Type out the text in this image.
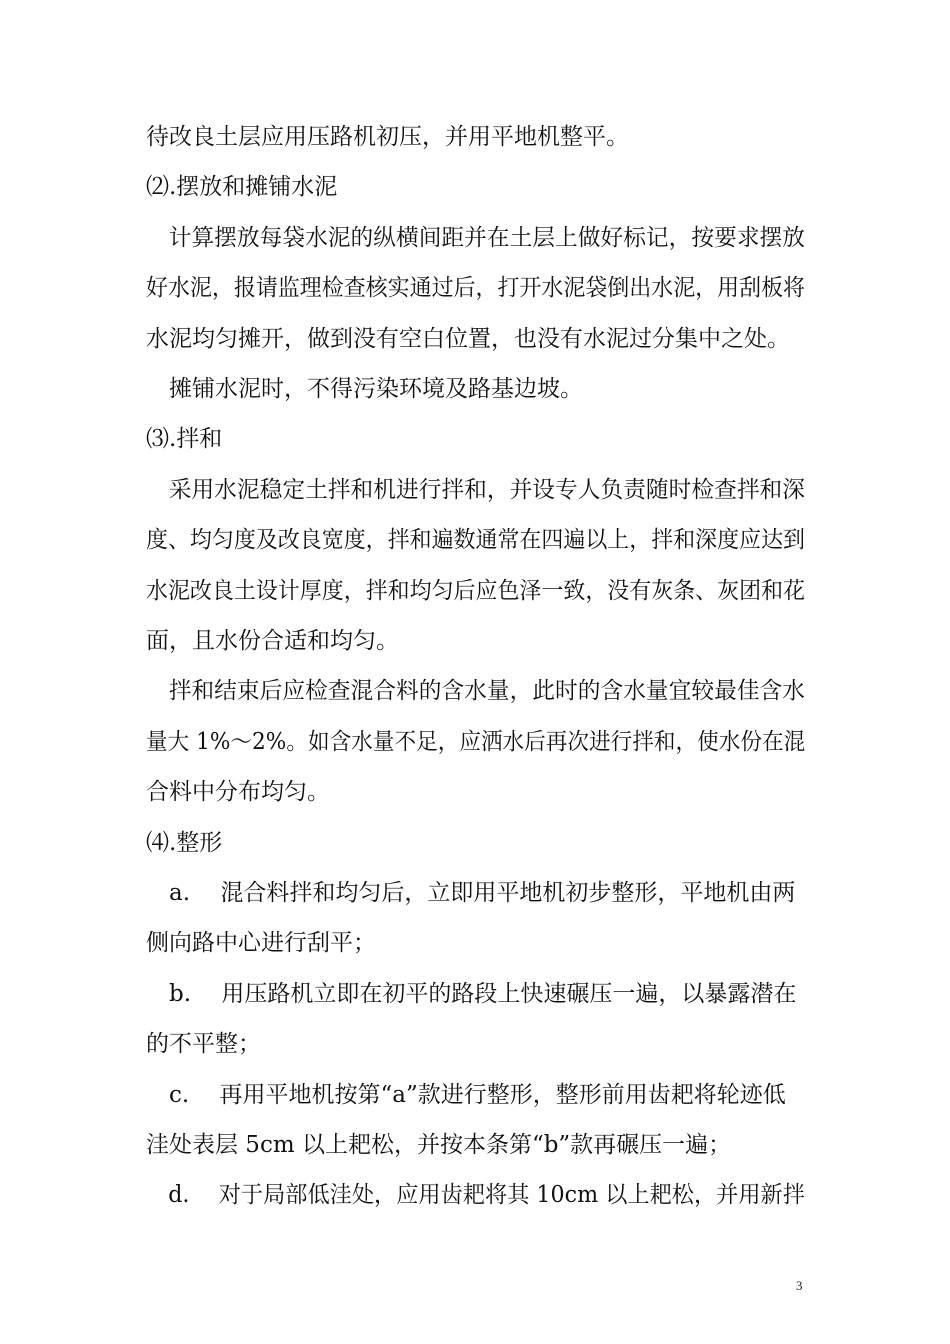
待改良土层应用压路机初压，并用平地机整平。
⑵.摆放和摊铺水泥
　计算摆放每袋水泥的纵横间距并在土层上做好标记，按要求摆放
好水泥，报请监理检查核实通过后，打开水泥袋倒出水泥，用刮板将
水泥均匀摊开，做到没有空白位置，也没有水泥过分集中之处。
　摊铺水泥时，不得污染环境及路基边坡。
⑶.拌和
　采用水泥稳定土拌和机进行拌和，并设专人负责随时检查拌和深
度、均匀度及改良宽度，拌和遍数通常在四遍以上，拌和深度应达到
水泥改良土设计厚度，拌和均匀后应色泽一致，没有灰条、灰团和花
面，且水份合适和均匀。
　拌和结束后应检查混合料的含水量，此时的含水量宜较最佳含水
量大 1%～2%。如含水量不足，应洒水后再次进行拌和，使水份在混
合料中分布均匀。
⑷.整形
　a.　 混合料拌和均匀后，立即用平地机初步整形，平地机由两
侧向路中心进行刮平；
　b.　 用压路机立即在初平的路段上快速碾压一遍，以暴露潜在
的不平整；
　c.　 再用平地机按第“a”款进行整形，整形前用齿耙将轮迹低
洼处表层 5cm 以上耙松，并按本条第“b”款再碾压一遍；
　d.　 对于局部低洼处，应用齿耙将其 10cm 以上耙松，并用新拌
3
